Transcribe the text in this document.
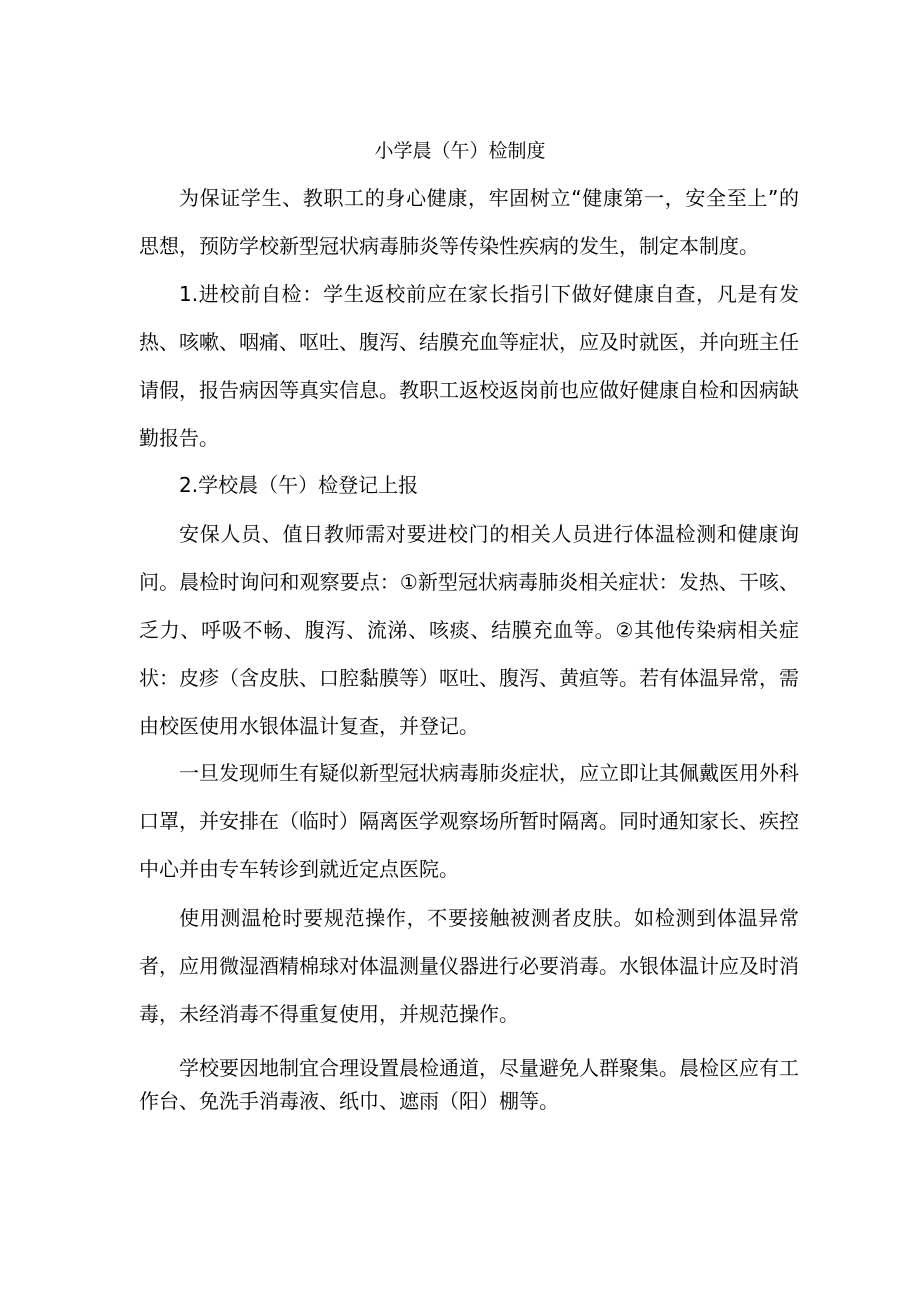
小学晨（午）检制度

为保证学生、教职工的身心健康，牢固树立“健康第一，安全至上”的思想，预防学校新型冠状病毒肺炎等传染性疾病的发生，制定本制度。

1.进校前自检：学生返校前应在家长指引下做好健康自查，凡是有发热、咳嗽、咽痛、呕吐、腹泻、结膜充血等症状，应及时就医，并向班主任请假，报告病因等真实信息。教职工返校返岗前也应做好健康自检和因病缺勤报告。

2.学校晨（午）检登记上报

安保人员、值日教师需对要进校门的相关人员进行体温检测和健康询问。晨检时询问和观察要点：①新型冠状病毒肺炎相关症状：发热、干咳、乏力、呼吸不畅、腹泻、流涕、咳痰、结膜充血等。②其他传染病相关症状：皮疹（含皮肤、口腔黏膜等）呕吐、腹泻、黄疸等。若有体温异常，需由校医使用水银体温计复查，并登记。

一旦发现师生有疑似新型冠状病毒肺炎症状，应立即让其佩戴医用外科口罩，并安排在（临时）隔离医学观察场所暂时隔离。同时通知家长、疾控中心并由专车转诊到就近定点医院。

使用测温枪时要规范操作，不要接触被测者皮肤。如检测到体温异常者，应用微湿酒精棉球对体温测量仪器进行必要消毒。水银体温计应及时消毒，未经消毒不得重复使用，并规范操作。

学校要因地制宜合理设置晨检通道，尽量避免人群聚集。晨检区应有工作台、免洗手消毒液、纸巾、遮雨（阳）棚等。
